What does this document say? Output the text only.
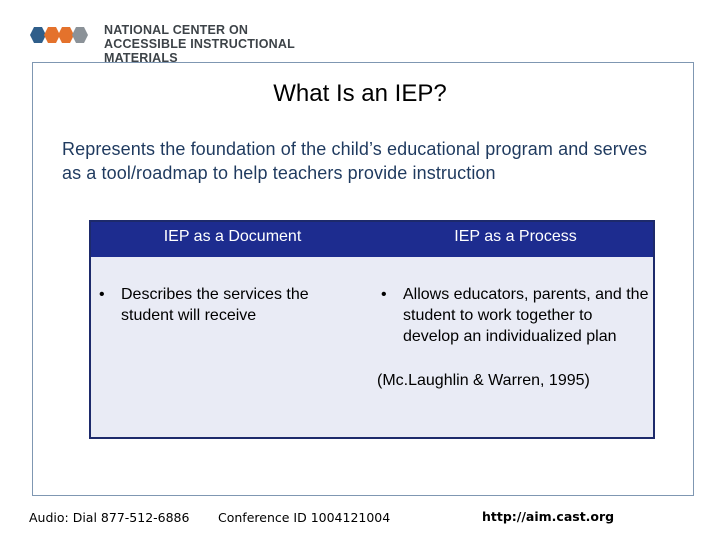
NATIONAL CENTER ON
ACCESSIBLE INSTRUCTIONAL MATERIALS
What Is an IEP?
Represents the foundation of the child’s educational program and serves as a tool/roadmap to help teachers provide instruction
IEP as a Document	IEP as a Process
•	Describes the services the student will receive
•	Allows educators, parents, and the student to work together to develop an individualized plan
(Mc.Laughlin & Warren, 1995)
Audio: Dial 877-512-6886 Conference ID 1004121004	http://aim.cast.org
